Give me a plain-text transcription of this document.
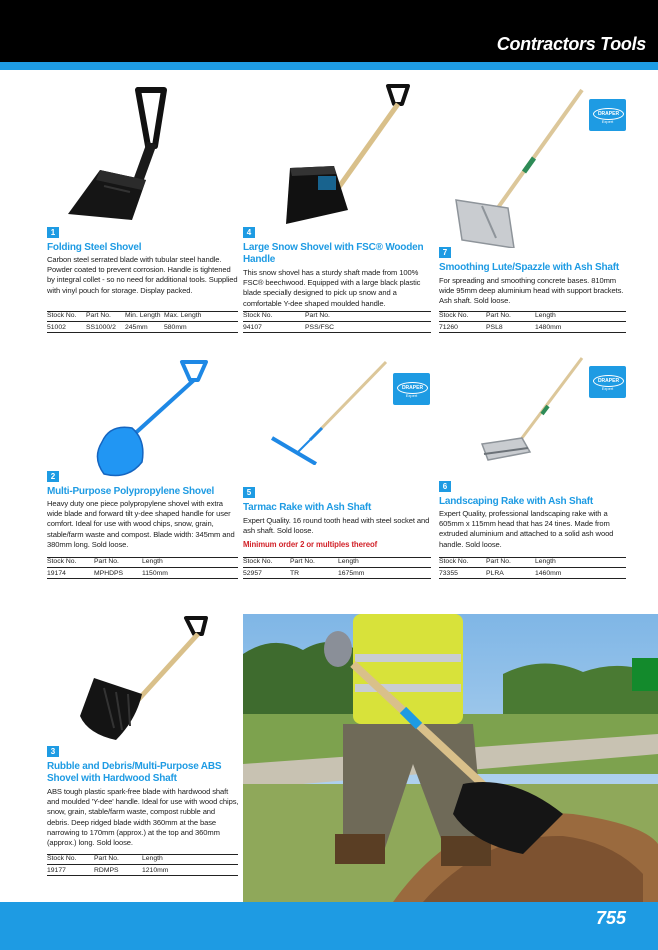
Contractors Tools
1
Folding Steel Shovel
Carbon steel serrated blade with tubular steel handle. Powder coated to prevent corrosion. Handle is tightened by integral collet - so no need for additional tools. Supplied with vinyl pouch for storage. Display packed.
Stock No.	Part No.	Min. Length	Max. Length
51002	SS1000/2	245mm	580mm
4
Large Snow Shovel with FSC® Wooden Handle
This snow shovel has a sturdy shaft made from 100% FSC® beechwood. Equipped with a large black plastic blade specially designed to pick up snow and a comfortable Y-dee shaped moulded handle.
Stock No.	Part No.
94107	PSS/FSC
DRAPER
Expert
7
Smoothing Lute/Spazzle with Ash Shaft
For spreading and smoothing concrete bases. 810mm wide 95mm deep aluminium head with support brackets. Ash shaft. Sold loose.
Stock No.	Part No.	Length
71260	PSL8	1480mm
2
Multi-Purpose Polypropylene Shovel
Heavy duty one piece polypropylene shovel with extra wide blade and forward tilt y-dee shaped handle for user comfort. Ideal for use with wood chips, snow, grain, stable/farm waste and compost. Blade width: 345mm and 380mm long. Sold loose.
Stock No.	Part No.	Length
19174	MPHDPS	1150mm
DRAPER
Expert
5
Tarmac Rake with Ash Shaft
Expert Quality. 16 round tooth head with steel socket and ash shaft. Sold loose.
Minimum order 2 or multiples thereof
Stock No.	Part No.	Length
52957	TR	1675mm
DRAPER
Expert
6
Landscaping Rake with Ash Shaft
Expert Quality, professional landscaping rake with a 605mm x 115mm head that has 24 tines. Made from extruded aluminium and attached to a solid ash wood handle. Sold loose.
Stock No.	Part No.	Length
73355	PLRA	1460mm
3
Rubble and Debris/Multi-Purpose ABS Shovel with Hardwood Shaft
ABS tough plastic spark-free blade with hardwood shaft and moulded 'Y-dee' handle. Ideal for use with wood chips, snow, grain, stable/farm waste, compost rubble and debris. Deep ridged blade width 360mm at the base narrowing to 170mm (approx.) at the top and 360mm (approx.) long. Sold loose.
Stock No.	Part No.	Length
19177	RDMPS	1210mm
755
